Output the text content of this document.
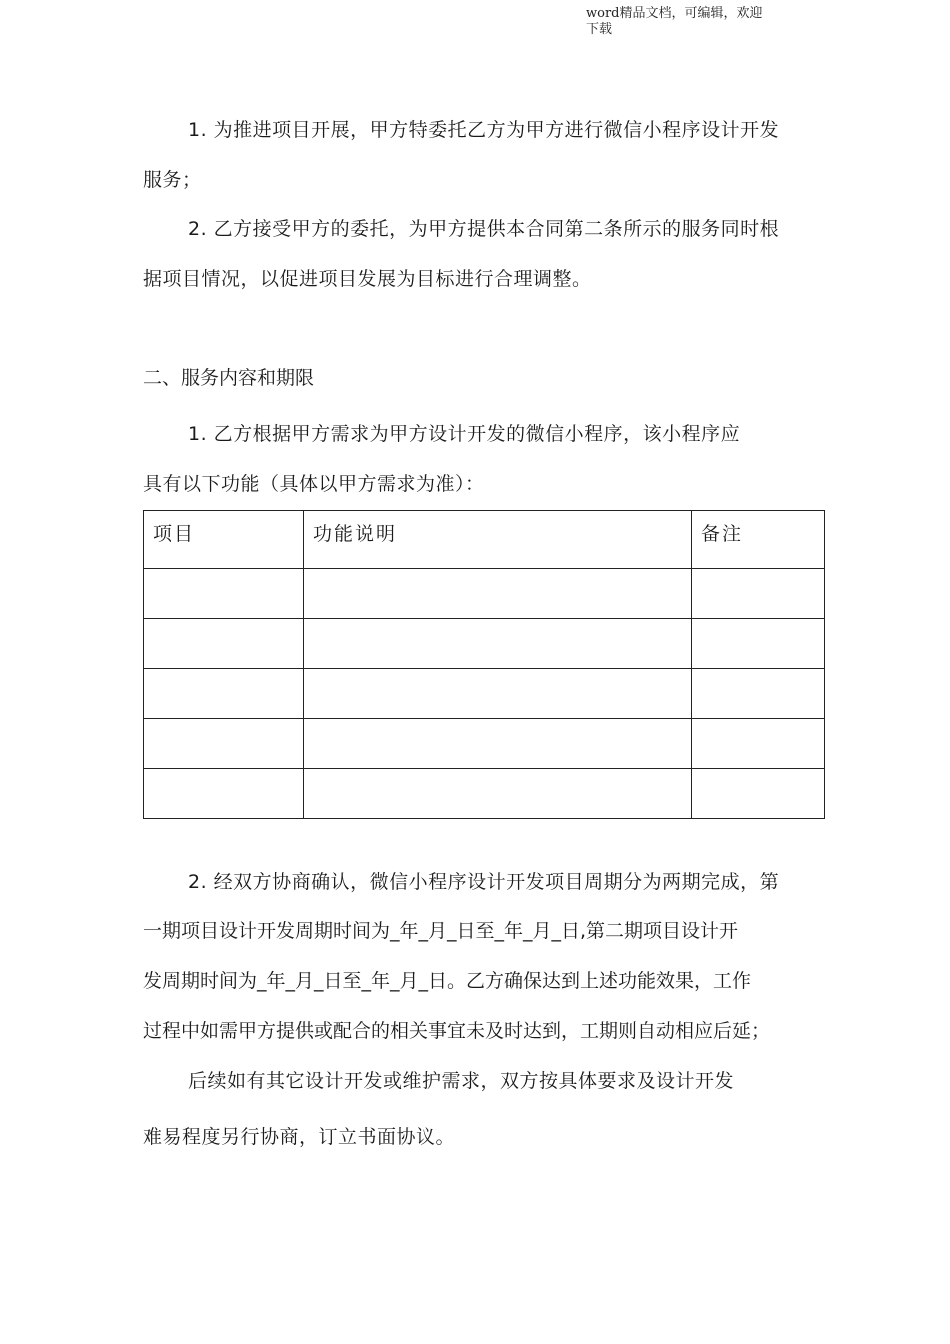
word精品文档，可编辑，欢迎
下载
1. 为推进项目开展，甲方特委托乙方为甲方进行微信小程序设计开发
服务；
2. 乙方接受甲方的委托，为甲方提供本合同第二条所示的服务同时根
据项目情况，以促进项目发展为目标进行合理调整。
二、服务内容和期限
1. 乙方根据甲方需求为甲方设计开发的微信小程序，该小程序应
具有以下功能（具体以甲方需求为准）：
项目	功能说明	备注

2. 经双方协商确认，微信小程序设计开发项目周期分为两期完成，第
一期项目设计开发周期时间为_年_月_日至_年_月_日,第二期项目设计开
发周期时间为_年_月_日至_年_月_日。乙方确保达到上述功能效果，工作
过程中如需甲方提供或配合的相关事宜未及时达到，工期则自动相应后延；
后续如有其它设计开发或维护需求，双方按具体要求及设计开发
难易程度另行协商，订立书面协议。
